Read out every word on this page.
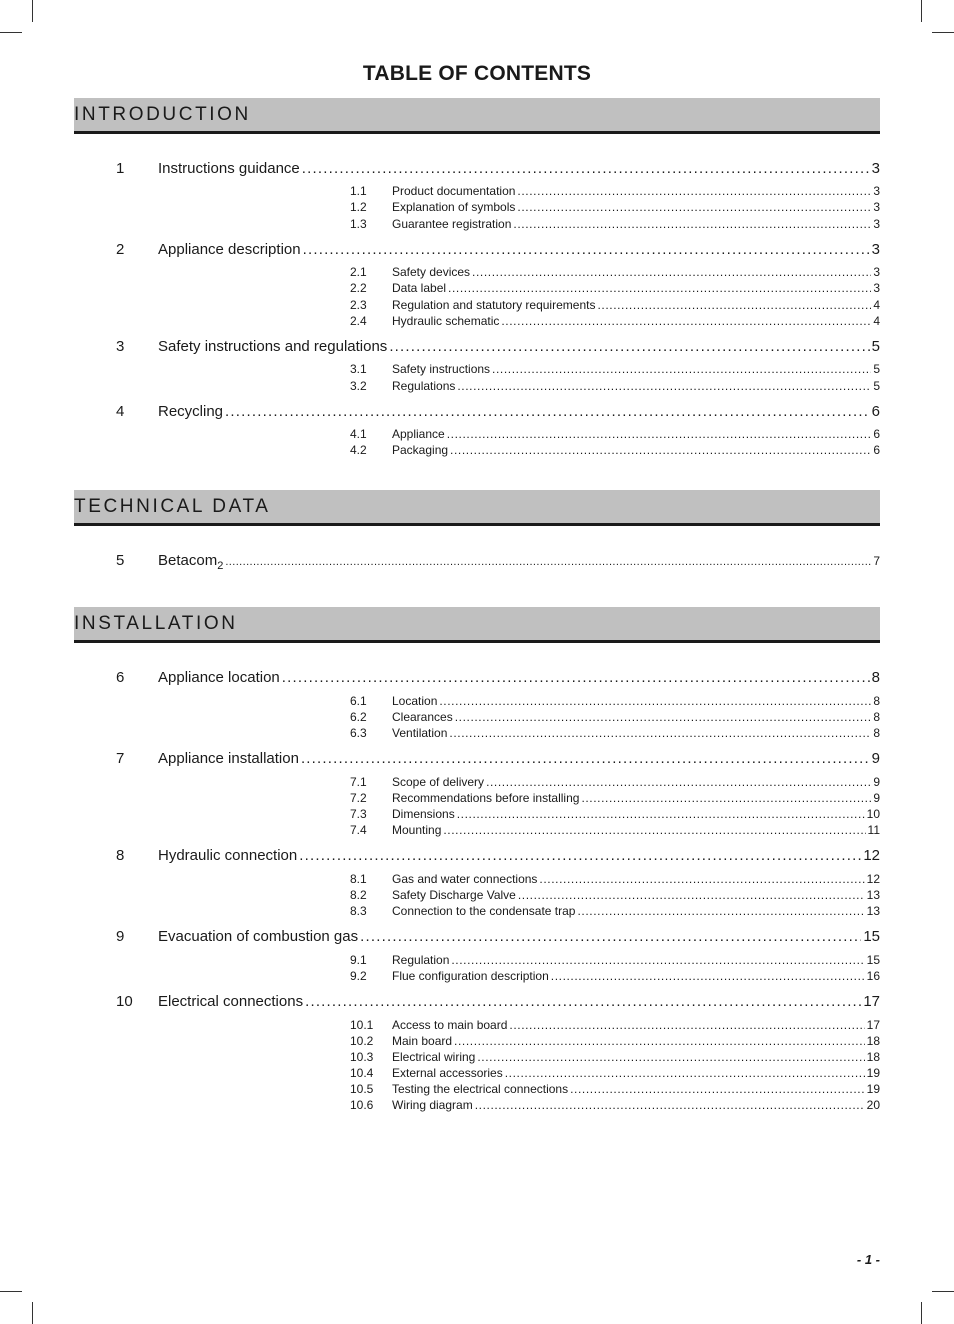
TABLE OF CONTENTS
INTRODUCTION
1 Instructions guidance .....	3
1.1 Product documentation .....	3
1.2 Explanation of symbols .....	3
1.3 Guarantee registration .....	3
2 Appliance description .....	3
2.1 Safety devices .....	3
2.2 Data label .....	3
2.3 Regulation and statutory requirements .....	4
2.4 Hydraulic schematic .....	4
3 Safety instructions and regulations .....	5
3.1 Safety instructions .....	5
3.2 Regulations .....	5
4 Recycling .....	6
4.1 Appliance .....	6
4.2 Packaging .....	6
TECHNICAL DATA
5 Betacom$_2$ .....	7
INSTALLATION
6 Appliance location .....	8
6.1 Location .....	8
6.2 Clearances .....	8
6.3 Ventilation .....	8
7 Appliance installation .....	9
7.1 Scope of delivery .....	9
7.2 Recommendations before installing .....	9
7.3 Dimensions .....	10
7.4 Mounting .....	11
8 Hydraulic connection .....	12
8.1 Gas and water connections .....	12
8.2 Safety Discharge Valve .....	13
8.3 Connection to the condensate trap .....	13
9 Evacuation of combustion gas .....	15
9.1 Regulation .....	15
9.2 Flue configuration description .....	16
10 Electrical connections .....	17
10.1 Access to main board .....	17
10.2 Main board .....	18
10.3 Electrical wiring .....	18
10.4 External accessories .....	19
10.5 Testing the electrical connections .....	19
10.6 Wiring diagram .....	20
- 1 -
